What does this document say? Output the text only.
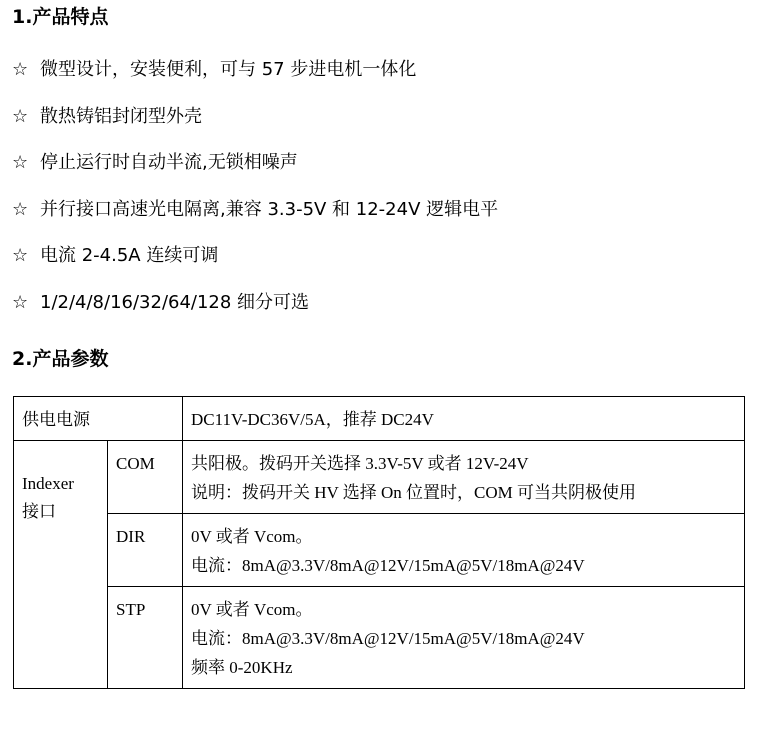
1.产品特点
☆ 微型设计，安装便利，可与 57 步进电机一体化
☆ 散热铸铝封闭型外壳
☆ 停止运行时自动半流,无锁相噪声
☆ 并行接口高速光电隔离,兼容 3.3-5V 和 12-24V 逻辑电平
☆ 电流 2-4.5A 连续可调
☆ 1/2/4/8/16/32/64/128 细分可选
2.产品参数
供电电源		DC11V-DC36V/5A，推荐 DC24V

Indexer
接口	COM	共阳极。拨码开关选择 3.3V-5V 或者 12V-24V
说明：拨码开关 HV 选择 On 位置时，COM 可当共阴极使用

	DIR	0V 或者 Vcom。
电流：8mA@3.3V/8mA@12V/15mA@5V/18mA@24V

	STP	0V 或者 Vcom。
电流：8mA@3.3V/8mA@12V/15mA@5V/18mA@24V
频率 0-20KHz
